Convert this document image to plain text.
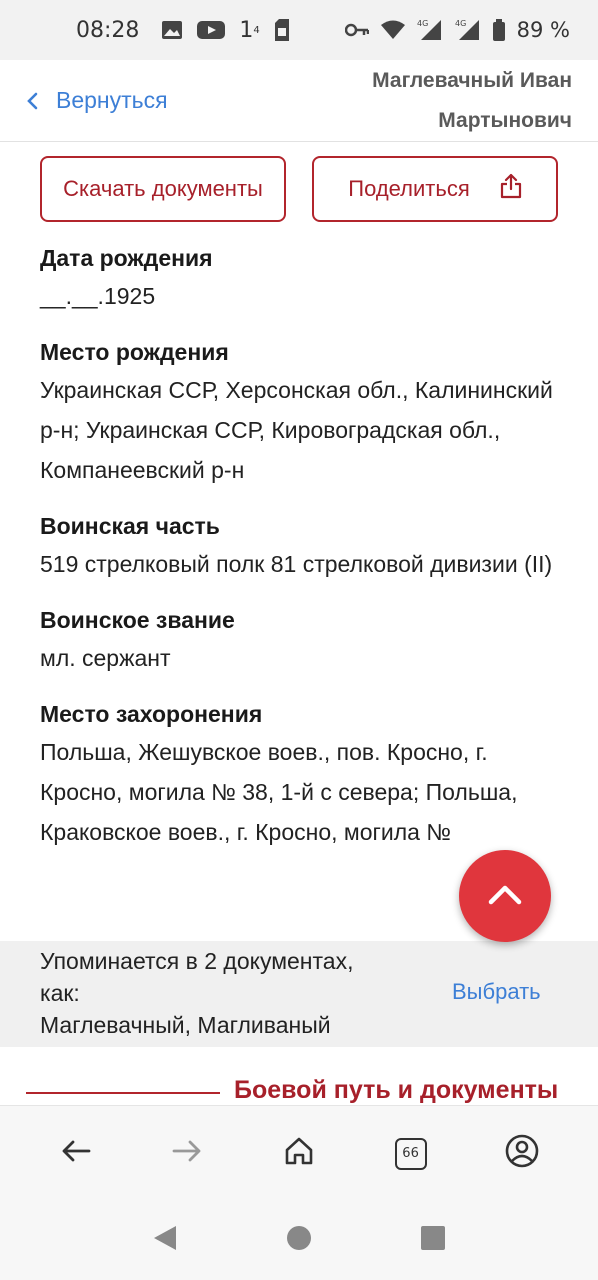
08:28	1 4
4G	4G 89 %
Вернуться
Маглевачный Иван
Мартынович
Скачать документы	Поделиться
Дата рождения
__.__.1925
Место рождения
Украинская ССР, Херсонская обл., Калининский р-н; Украинская ССР, Кировоградская обл., Компанеевский р-н
Воинская часть
519 стрелковый полк 81 стрелковой дивизии (II)
Воинское звание
мл. сержант
Место захоронения
Польша, Жешувское воев., пов. Кросно, г. Кросно, могила № 38, 1-й с севера; Польша, Краковское воев., г. Кросно, могила №
Упоминается в 2 документах,
как:
Маглевачный, Магливаный
Выбрать
Боевой путь и документы
66
